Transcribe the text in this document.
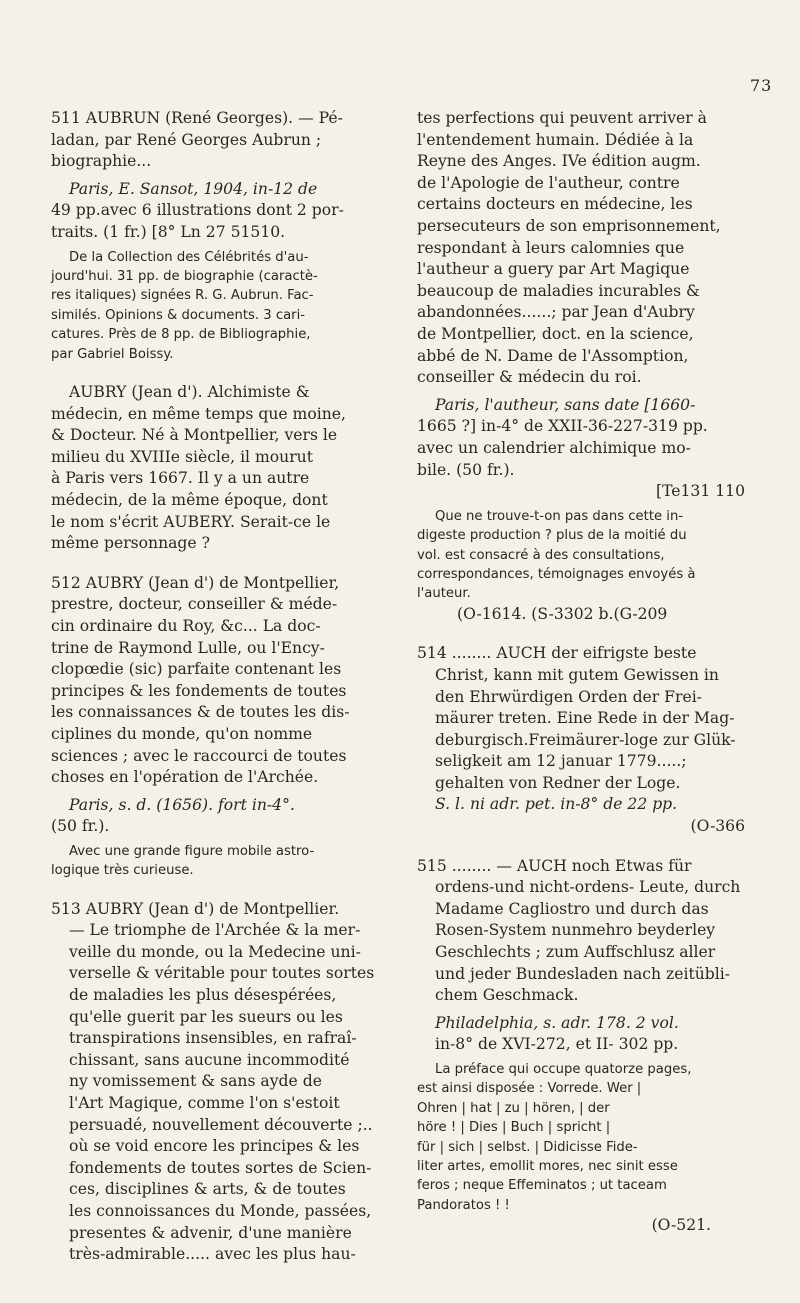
73
511 AUBRUN (René Georges). — Pé-
ladan, par René Georges Aubrun ;
biographie...
Paris, E. Sansot, 1904, in-12 de
49 pp.avec 6 illustrations dont 2 por-
traits. (1 fr.) [8° Ln 27 51510.
De la Collection des Célébrités d'au-
jourd'hui. 31 pp. de biographie (caractè-
res italiques) signées R. G. Aubrun. Fac-
similés. Opinions & documents. 3 cari-
catures. Près de 8 pp. de Bibliographie,
par Gabriel Boissy.
AUBRY (Jean d'). Alchimiste &
médecin, en même temps que moine,
& Docteur. Né à Montpellier, vers le
milieu du XVIIIe siècle, il mourut
à Paris vers 1667. Il y a un autre
médecin, de la même époque, dont
le nom s'écrit AUBERY. Serait-ce le
même personnage ?
512 AUBRY (Jean d') de Montpellier,
prestre, docteur, conseiller & méde-
cin ordinaire du Roy, &c... La doc-
trine de Raymond Lulle, ou l'Ency-
clopœdie (sic) parfaite contenant les
principes & les fondements de toutes
les connaissances & de toutes les dis-
ciplines du monde, qu'on nomme
sciences ; avec le raccourci de toutes
choses en l'opération de l'Archée.
Paris, s. d. (1656). fort in-4°.
(50 fr.).
Avec une grande figure mobile astro-
logique très curieuse.
513 AUBRY (Jean d') de Montpellier.
— Le triomphe de l'Archée & la mer-
veille du monde, ou la Medecine uni-
verselle & véritable pour toutes sortes
de maladies les plus désespérées,
qu'elle guerit par les sueurs ou les
transpirations insensibles, en rafraî-
chissant, sans aucune incommodité
ny vomissement & sans ayde de
l'Art Magique, comme l'on s'estoit
persuadé, nouvellement découverte ;..
où se void encore les principes & les
fondements de toutes sortes de Scien-
ces, disciplines & arts, & de toutes
les connoissances du Monde, passées,
presentes & advenir, d'une manière
très-admirable..... avec les plus hau-
tes perfections qui peuvent arriver à
l'entendement humain. Dédiée à la
Reyne des Anges. IVe édition augm.
de l'Apologie de l'autheur, contre
certains docteurs en médecine, les
persecuteurs de son emprisonnement,
respondant à leurs calomnies que
l'autheur a guery par Art Magique
beaucoup de maladies incurables &
abandonnées......; par Jean d'Aubry
de Montpellier, doct. en la science,
abbé de N. Dame de l'Assomption,
conseiller & médecin du roi.
Paris, l'autheur, sans date [1660-
1665 ?] in-4° de XXII-36-227-319 pp.
avec un calendrier alchimique mo-
bile. (50 fr.).
[Te131 110
Que ne trouve-t-on pas dans cette in-
digeste production ? plus de la moitié du
vol. est consacré à des consultations,
correspondances, témoignages envoyés à
l'auteur.
(O-1614. (S-3302 b.(G-209
514 ........ AUCH der eifrigste beste
Christ, kann mit gutem Gewissen in
den Ehrwürdigen Orden der Frei-
mäurer treten. Eine Rede in der Mag-
deburgisch.Freimäurer-loge zur Glük-
seligkeit am 12 januar 1779.....;
gehalten von Redner der Loge.
S. l. ni adr. pet. in-8° de 22 pp.
(O-366
515 ........ — AUCH noch Etwas für
ordens-und nicht-ordens- Leute, durch
Madame Cagliostro und durch das
Rosen-System nunmehro beyderley
Geschlechts ; zum Auffschlusz aller
und jeder Bundesladen nach zeitübli-
chem Geschmack.
Philadelphia, s. adr. 178. 2 vol.
in-8° de XVI-272, et II- 302 pp.
La préface qui occupe quatorze pages,
est ainsi disposée : Vorrede. Wer |
Ohren | hat | zu | hören, | der
höre ! | Dies | Buch | spricht |
für | sich | selbst. | Didicisse Fide-
liter artes, emollit mores, nec sinit esse
feros ; neque Effeminatos ; ut taceam
Pandoratos ! !
(O-521.
